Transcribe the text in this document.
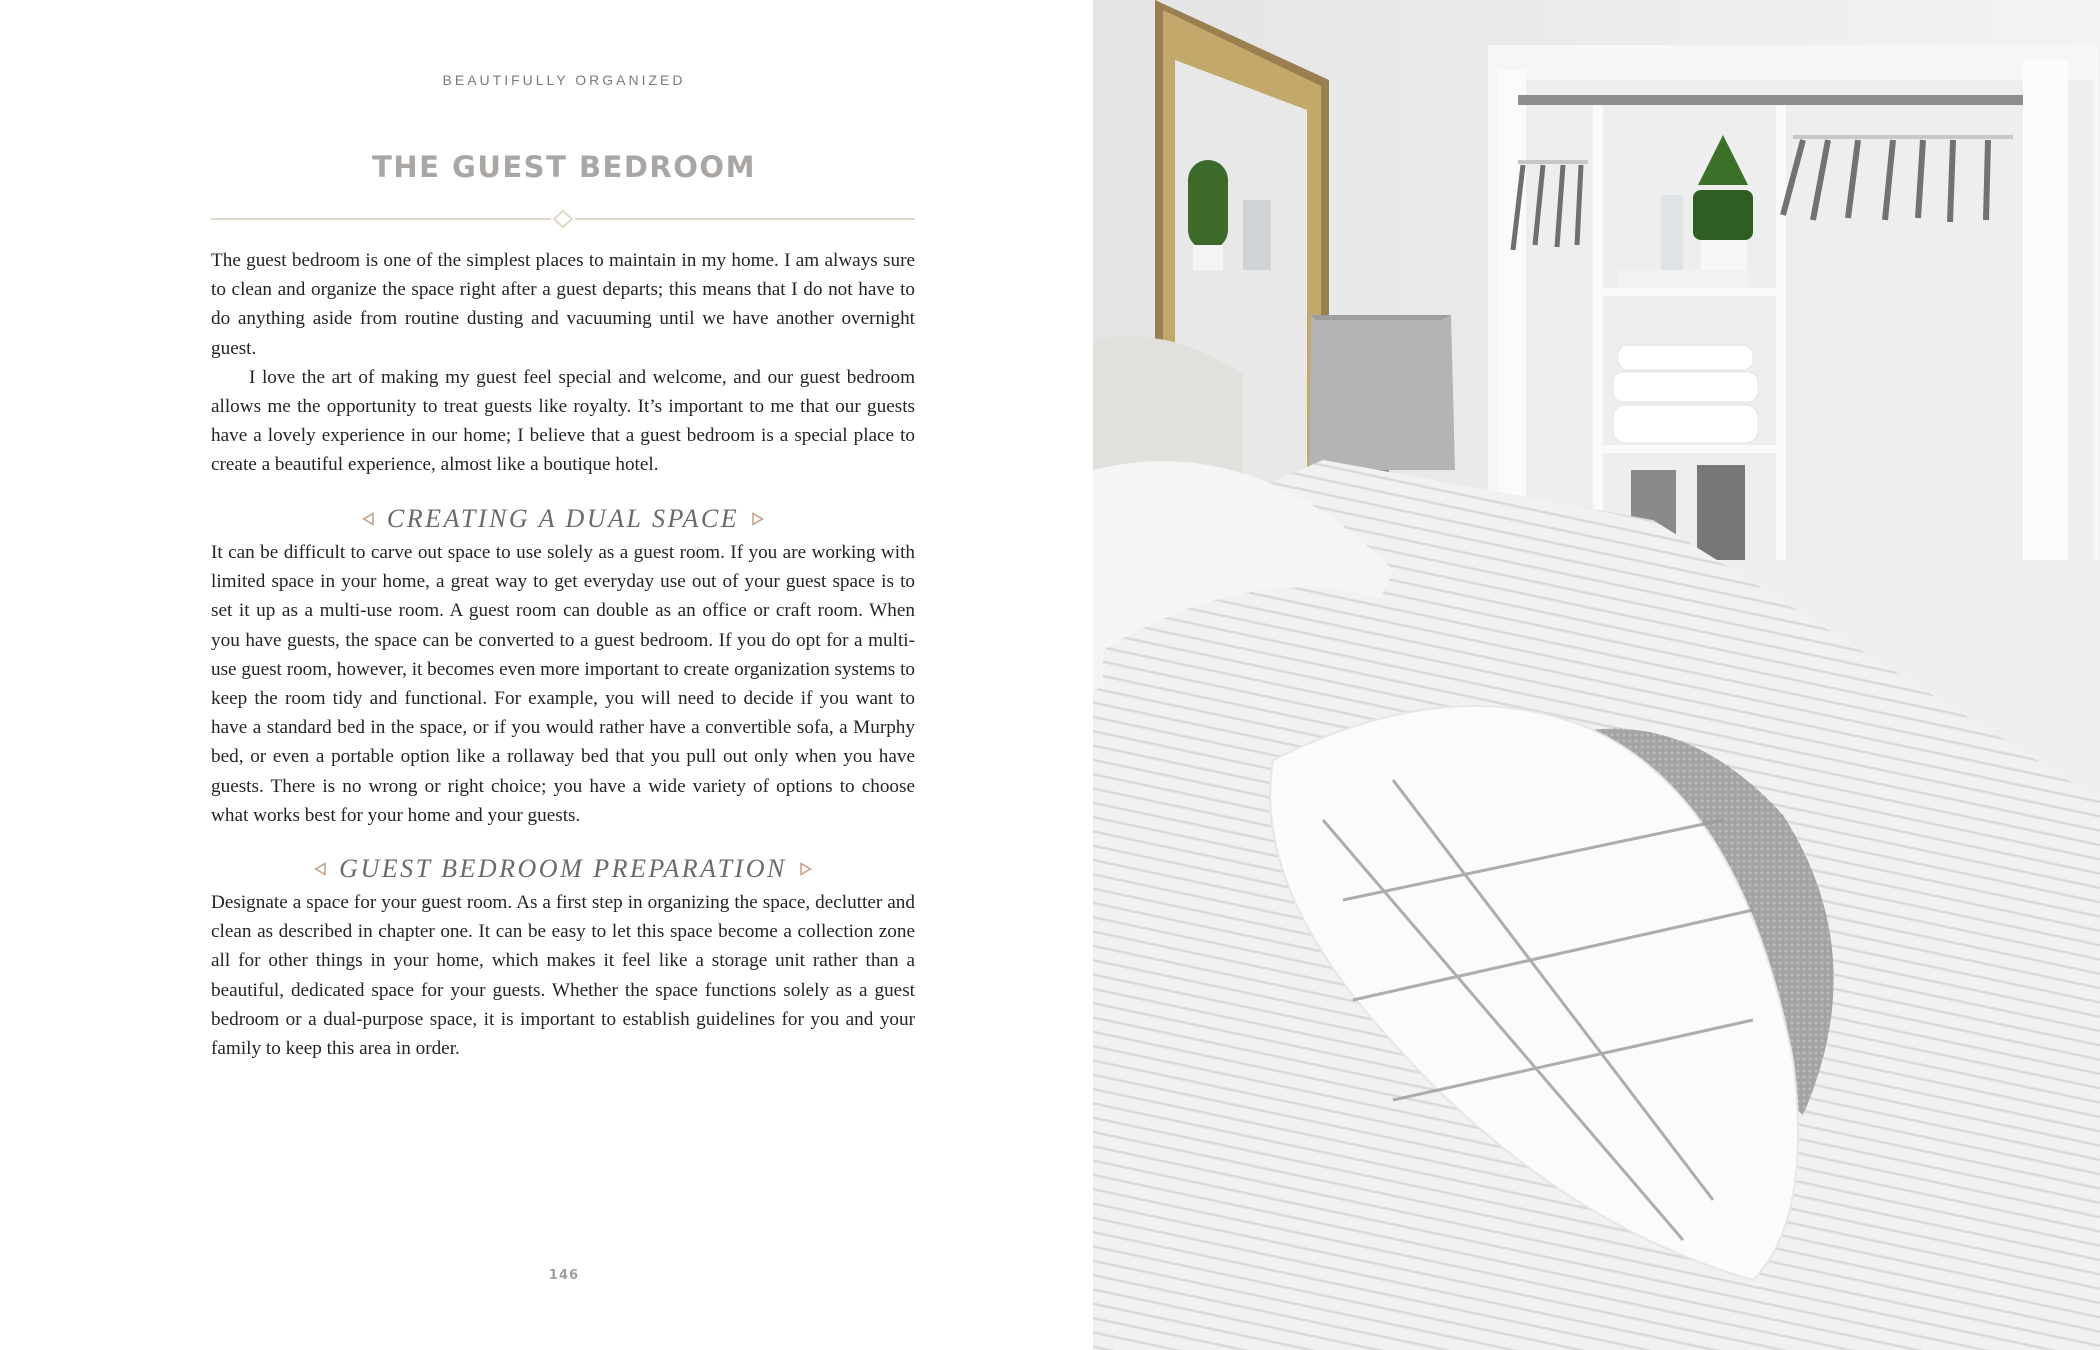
BEAUTIFULLY ORGANIZED
THE GUEST BEDROOM

The guest bedroom is one of the simplest places to maintain in my home. I am always sure to clean and organize the space right after a guest departs; this means that I do not have to do anything aside from routine dusting and vacuuming until we have another overnight guest.

I love the art of making my guest feel special and welcome, and our guest bedroom allows me the opportunity to treat guests like royalty. It’s important to me that our guests have a lovely experience in our home; I believe that a guest bedroom is a special place to create a beautiful experience, almost like a boutique hotel.

CREATING A DUAL SPACE

It can be difficult to carve out space to use solely as a guest room. If you are working with limited space in your home, a great way to get everyday use out of your guest space is to set it up as a multi-use room. A guest room can double as an office or craft room. When you have guests, the space can be converted to a guest bedroom. If you do opt for a multi-use guest room, however, it becomes even more important to create organization systems to keep the room tidy and functional. For example, you will need to decide if you want to have a standard bed in the space, or if you would rather have a convertible sofa, a Murphy bed, or even a portable option like a rollaway bed that you pull out only when you have guests. There is no wrong or right choice; you have a wide variety of options to choose what works best for your home and your guests.

GUEST BEDROOM PREPARATION

Designate a space for your guest room. As a first step in organizing the space, declutter and clean as described in chapter one. It can be easy to let this space become a collection zone all for other things in your home, which makes it feel like a storage unit rather than a beautiful, dedicated space for your guests. Whether the space functions solely as a guest bedroom or a dual-purpose space, it is important to establish guidelines for you and your family to keep this area in order.

146
